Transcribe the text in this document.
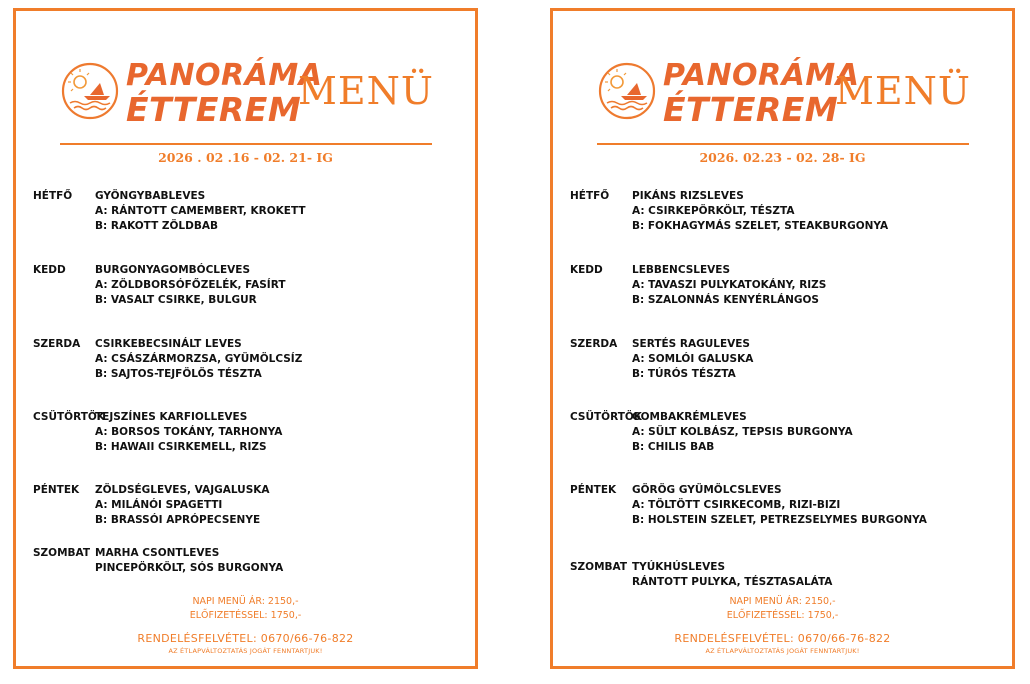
PANORÁMA
ÉTTEREM
MENÜ
2026 . 02 .16 - 02. 21- IG
HÉTFŐ GYÖNGYBABLEVES
A: RÁNTOTT CAMEMBERT, KROKETT
B: RAKOTT ZÖLDBAB
KEDD	BURGONYAGOMBÓCLEVES
A: ZÖLDBORSÓFŐZELÉK, FASÍRT
B: VASALT CSIRKE, BULGUR
SZERDA CSIRKEBECSINÁLT LEVES
A: CSÁSZÁRMORZSA, GYÜMÖLCSÍZ
B: SAJTOS-TEJFÖLÖS TÉSZTA
CSÜTÖRTÖK
TEJSZÍNES KARFIOLLEVES
A: BORSOS TOKÁNY, TARHONYA
B: HAWAII CSIRKEMELL, RIZS
PÉNTEK ZÖLDSÉGLEVES, VAJGALUSKA
A: MILÁNÓI SPAGETTI
B: BRASSÓI APRÓPECSENYE
SZOMBAT MARHA CSONTLEVES
PINCEPÖRKÖLT, SÓS BURGONYA
NAPI MENÜ ÁR: 2150,-
ELŐFIZETÉSSEL: 1750,-
RENDELÉSFELVÉTEL: 0670/66-76-822
AZ ÉTLAPVÁLTOZTATÁS JOGÁT FENNTARTJUK!
PANORÁMA
ÉTTEREM
MENÜ
2026. 02.23 - 02. 28- IG
HÉTFŐ PIKÁNS RIZSLEVES
A: CSIRKEPÖRKÖLT, TÉSZTA
B: FOKHAGYMÁS SZELET, STEAKBURGONYA
KEDD	LEBBENCSLEVES
A: TAVASZI PULYKATOKÁNY, RIZS
B: SZALONNÁS KENYÉRLÁNGOS
SZERDA SERTÉS RAGULEVES
A: SOMLÓI GALUSKA
B: TÚRÓS TÉSZTA
CSÜTÖRTÖK
GOMBAKRÉMLEVES
A: SÜLT KOLBÁSZ, TEPSIS BURGONYA
B: CHILIS BAB
PÉNTEK GÖRÖG GYÜMÖLCSLEVES
A: TÖLTÖTT CSIRKECOMB, RIZI-BIZI
B: HOLSTEIN SZELET, PETREZSELYMES BURGONYA
SZOMBAT TYÚKHÚSLEVES
RÁNTOTT PULYKA, TÉSZTASALÁTA
NAPI MENÜ ÁR: 2150,-
ELŐFIZETÉSSEL: 1750,-
RENDELÉSFELVÉTEL: 0670/66-76-822
AZ ÉTLAPVÁLTOZTATÁS JOGÁT FENNTARTJUK!
